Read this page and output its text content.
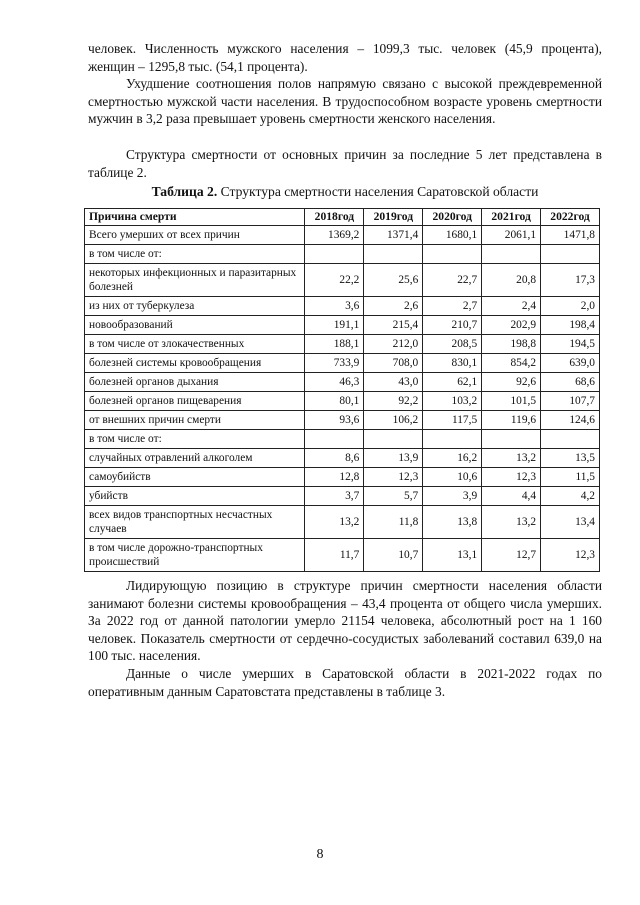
человек. Численность мужского населения – 1099,3 тыс. человек (45,9 процента), женщин – 1295,8 тыс. (54,1 процента).

Ухудшение соотношения полов напрямую связано с высокой преждевременной смертностью мужской части населения. В трудоспособном возрасте уровень смертности мужчин в 3,2 раза превышает уровень смертности женского населения.

Структура смертности от основных причин за последние 5 лет представлена в таблице 2.

Таблица 2. Структура смертности населения Саратовской области

Причина смерти	2018год	2019год	2020год	2021год	2022год
Всего умерших от всех причин	1369,2	1371,4	1680,1	2061,1	1471,8
в том числе от:					
некоторых инфекционных и паразитарных болезней	22,2	25,6	22,7	20,8	17,3
из них от туберкулеза	3,6	2,6	2,7	2,4	2,0
новообразований	191,1	215,4	210,7	202,9	198,4
в том числе от злокачественных	188,1	212,0	208,5	198,8	194,5
болезней системы кровообращения	733,9	708,0	830,1	854,2	639,0
болезней органов дыхания	46,3	43,0	62,1	92,6	68,6
болезней органов пищеварения	80,1	92,2	103,2	101,5	107,7
от внешних причин смерти	93,6	106,2	117,5	119,6	124,6
в том числе от:					
случайных отравлений алкоголем	8,6	13,9	16,2	13,2	13,5
самоубийств	12,8	12,3	10,6	12,3	11,5
убийств	3,7	5,7	3,9	4,4	4,2
всех видов транспортных несчастных случаев	13,2	11,8	13,8	13,2	13,4
в том числе дорожно-транспортных происшествий	11,7	10,7	13,1	12,7	12,3

Лидирующую позицию в структуре причин смертности населения области занимают болезни системы кровообращения – 43,4 процента от общего числа умерших. За 2022 год от данной патологии умерло 21154 человека, абсолютный рост на 1 160 человек. Показатель смертности от сердечно-сосудистых заболеваний составил 639,0 на 100 тыс. населения.

Данные о числе умерших в Саратовской области в 2021-2022 годах по оперативным данным Саратовстата представлены в таблице 3.

8
